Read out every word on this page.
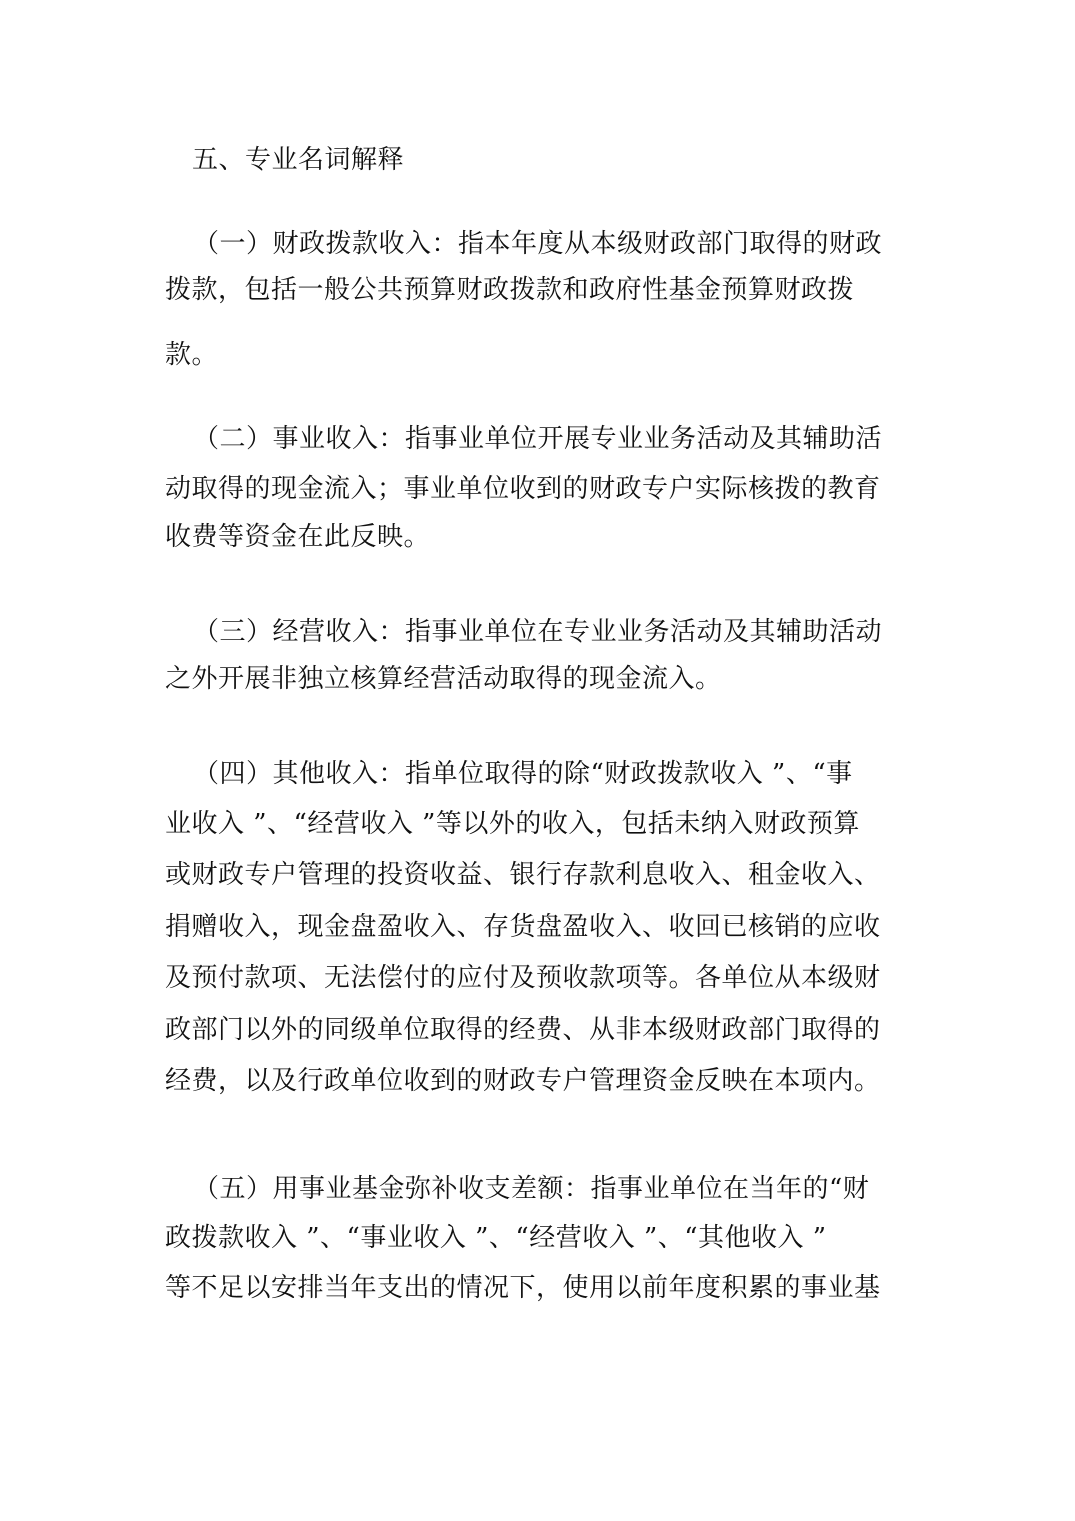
五、专业名词解释

（一）财政拨款收入：指本年度从本级财政部门取得的财政

拨款，包括一般公共预算财政拨款和政府性基金预算财政拨

款。

（二）事业收入：指事业单位开展专业业务活动及其辅助活

动取得的现金流入；事业单位收到的财政专户实际核拨的教育

收费等资金在此反映。

（三）经营收入：指事业单位在专业业务活动及其辅助活动

之外开展非独立核算经营活动取得的现金流入。

（四）其他收入：指单位取得的除“财政拨款收入 ”、“事

业收入 ”、“经营收入 ”等以外的收入，包括未纳入财政预算

或财政专户管理的投资收益、银行存款利息收入、租金收入、

捐赠收入，现金盘盈收入、存货盘盈收入、收回已核销的应收

及预付款项、无法偿付的应付及预收款项等。各单位从本级财

政部门以外的同级单位取得的经费、从非本级财政部门取得的

经费，以及行政单位收到的财政专户管理资金反映在本项内。

（五）用事业基金弥补收支差额：指事业单位在当年的“财

政拨款收入 ”、“事业收入 ”、“经营收入 ”、“其他收入 ”

等不足以安排当年支出的情况下，使用以前年度积累的事业基
